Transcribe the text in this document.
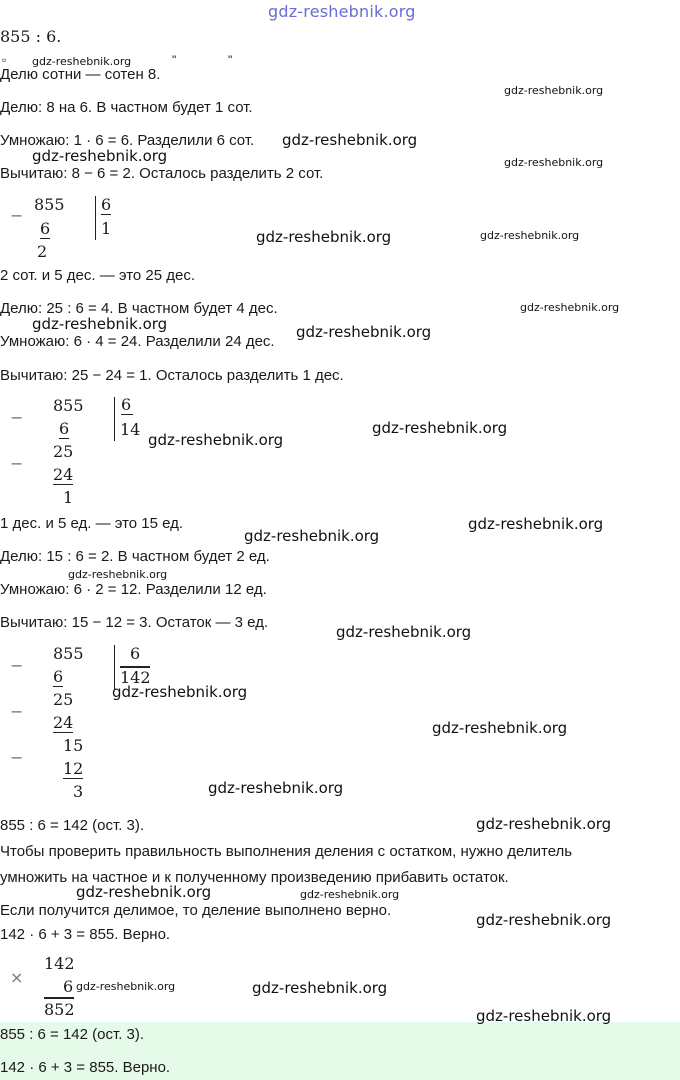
gdz-reshebnik.org
855 : 6.
▫ gdz-reshebnik.org	"	"
Делю сотни — сотен 8.
gdz-reshebnik.org
Делю: 8 на 6. В частном будет 1 сот.
Умножаю: 1 · 6 = 6. Разделили 6 сот. gdz-reshebnik.org
gdz-reshebnik.org	gdz-reshebnik.org
Вычитаю: 8 − 6 = 2. Осталось разделить 2 сот.
−
855 6
1
6
2
gdz-reshebnik.org	gdz-reshebnik.org
2 сот. и 5 дес. — это 25 дес.
Делю: 25 : 6 = 4. В частном будет 4 дес.	gdz-reshebnik.org
gdz-reshebnik.org
Умножаю: 6 · 4 = 24. Разделили 24 дес.
gdz-reshebnik.org
Вычитаю: 25 − 24 = 1. Осталось разделить 1 дес.
−
855 6
14
6
gdz-reshebnik.org
gdz-reshebnik.org
25
−
24
1
1 дес. и 5 ед. — это 15 ед.	gdz-reshebnik.org
gdz-reshebnik.org
Делю: 15 : 6 = 2. В частном будет 2 ед.
gdz-reshebnik.org
Умножаю: 6 · 2 = 12. Разделили 12 ед.
Вычитаю: 15 − 12 = 3. Остаток — 3 ед.
gdz-reshebnik.org
−
855	6
142
6
gdz-reshebnik.org
25
−
24	gdz-reshebnik.org
15
−
12
3	gdz-reshebnik.org
855 : 6 = 142 (ост. 3).	gdz-reshebnik.org
Чтобы проверить правильность выполнения деления с остатком, нужно делитель
умножить на частное и к полученному произведению прибавить остаток.
gdz-reshebnik.org	gdz-reshebnik.org
Если получится делимое, то деление выполнено верно.
gdz-reshebnik.org
142 · 6 + 3 = 855. Верно.
×
142
6 gdz-reshebnik.org	gdz-reshebnik.org
852	gdz-reshebnik.org
855 : 6 = 142 (ост. 3).
142 · 6 + 3 = 855. Верно.
